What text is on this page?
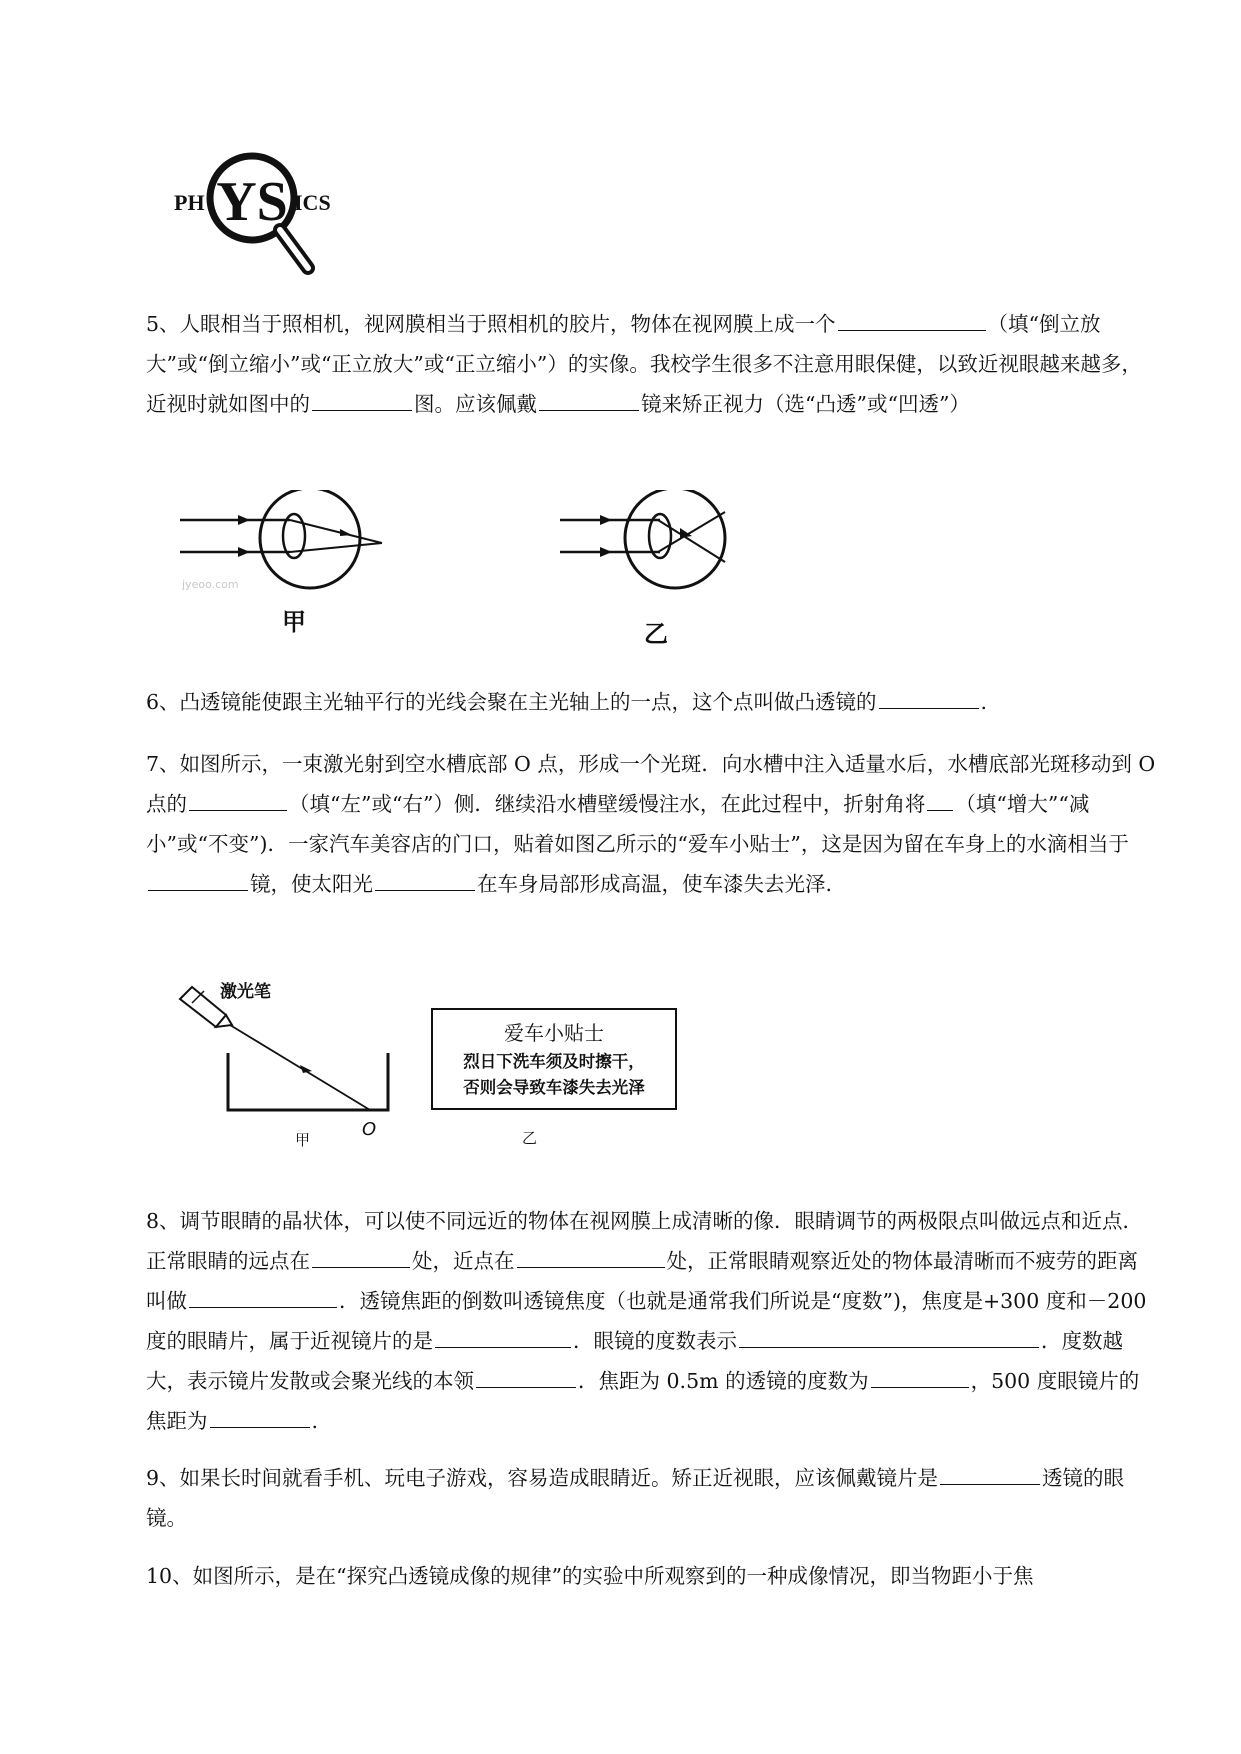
PH YS ICS

5、人眼相当于照相机，视网膜相当于照相机的胶片，物体在视网膜上成一个	（填“倒立放大”或“倒立缩小”或“正立放大”或“正立缩小”）的实像。我校学生很多不注意用眼保健，以致近视眼越来越多，近视时就如图中的	图。应该佩戴	镜来矫正视力（选“凸透”或“凹透”）

jyeoo.com
甲	乙

6、凸透镜能使跟主光轴平行的光线会聚在主光轴上的一点，这个点叫做凸透镜的	.

7、如图所示，一束激光射到空水槽底部 O 点，形成一个光斑．向水槽中注入适量水后，水槽底部光斑移动到 O 点的	（填“左”或“右”）侧．继续沿水槽壁缓慢注水，在此过程中，折射角将 （填“增大”“减小”或“不变”)．一家汽车美容店的门口，贴着如图乙所示的“爱车小贴士”，这是因为留在车身上的水滴相当于镜，使太阳光	在车身局部形成高温，使车漆失去光泽.

激光笔
O
甲
爱车小贴士
烈日下洗车须及时擦干，
否则会导致车漆失去光泽
乙

8、调节眼睛的晶状体，可以使不同远近的物体在视网膜上成清晰的像．眼睛调节的两极限点叫做远点和近点．正常眼睛的远点在	处，近点在	处，正常眼睛观察近处的物体最清晰而不疲劳的距离叫做	．透镜焦距的倒数叫透镜焦度（也就是通常我们所说是“度数”)，焦度是+300 度和－200 度的眼睛片，属于近视镜片的是	．眼镜的度数表示	．度数越大，表示镜片发散或会聚光线的本领	．焦距为 0.5m 的透镜的度数为	，500 度眼镜片的焦距为	.

9、如果长时间就看手机、玩电子游戏，容易造成眼睛近。矫正近视眼，应该佩戴镜片是	透镜的眼镜。

10、如图所示，是在“探究凸透镜成像的规律”的实验中所观察到的一种成像情况，即当物距小于焦
